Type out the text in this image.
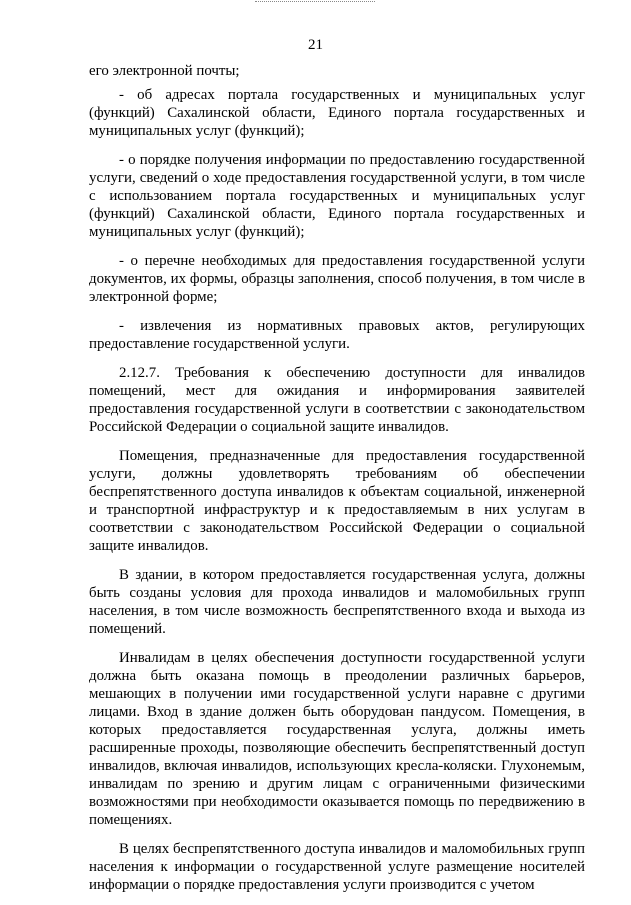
21

его электронной почты;

- об адресах портала государственных и муниципальных услуг (функций) Сахалинской области, Единого портала государственных и муниципальных услуг (функций);

- о порядке получения информации по предоставлению государственной услуги, сведений о ходе предоставления государственной услуги, в том числе с использованием портала государственных и муниципальных услуг (функций) Сахалинской области, Единого портала государственных и муниципальных услуг (функций);

- о перечне необходимых для предоставления государственной услуги документов, их формы, образцы заполнения, способ получения, в том числе в электронной форме;

- извлечения из нормативных правовых актов, регулирующих предоставление государственной услуги.

2.12.7. Требования к обеспечению доступности для инвалидов помещений, мест для ожидания и информирования заявителей предоставления государственной услуги в соответствии с законодательством Российской Федерации о социальной защите инвалидов.

Помещения, предназначенные для предоставления государственной услуги, должны удовлетворять требованиям об обеспечении беспрепятственного доступа инвалидов к объектам социальной, инженерной и транспортной инфраструктур и к предоставляемым в них услугам в соответствии с законодательством Российской Федерации о социальной защите инвалидов.

В здании, в котором предоставляется государственная услуга, должны быть созданы условия для прохода инвалидов и маломобильных групп населения, в том числе возможность беспрепятственного входа и выхода из помещений.

Инвалидам в целях обеспечения доступности государственной услуги должна быть оказана помощь в преодолении различных барьеров, мешающих в получении ими государственной услуги наравне с другими лицами. Вход в здание должен быть оборудован пандусом. Помещения, в которых предоставляется государственная услуга, должны иметь расширенные проходы, позволяющие обеспечить беспрепятственный доступ инвалидов, включая инвалидов, использующих кресла-коляски. Глухонемым, инвалидам по зрению и другим лицам с ограниченными физическими возможностями при необходимости оказывается помощь по передвижению в помещениях.

В целях беспрепятственного доступа инвалидов и маломобильных групп населения к информации о государственной услуге размещение носителей информации о порядке предоставления услуги производится с учетом
